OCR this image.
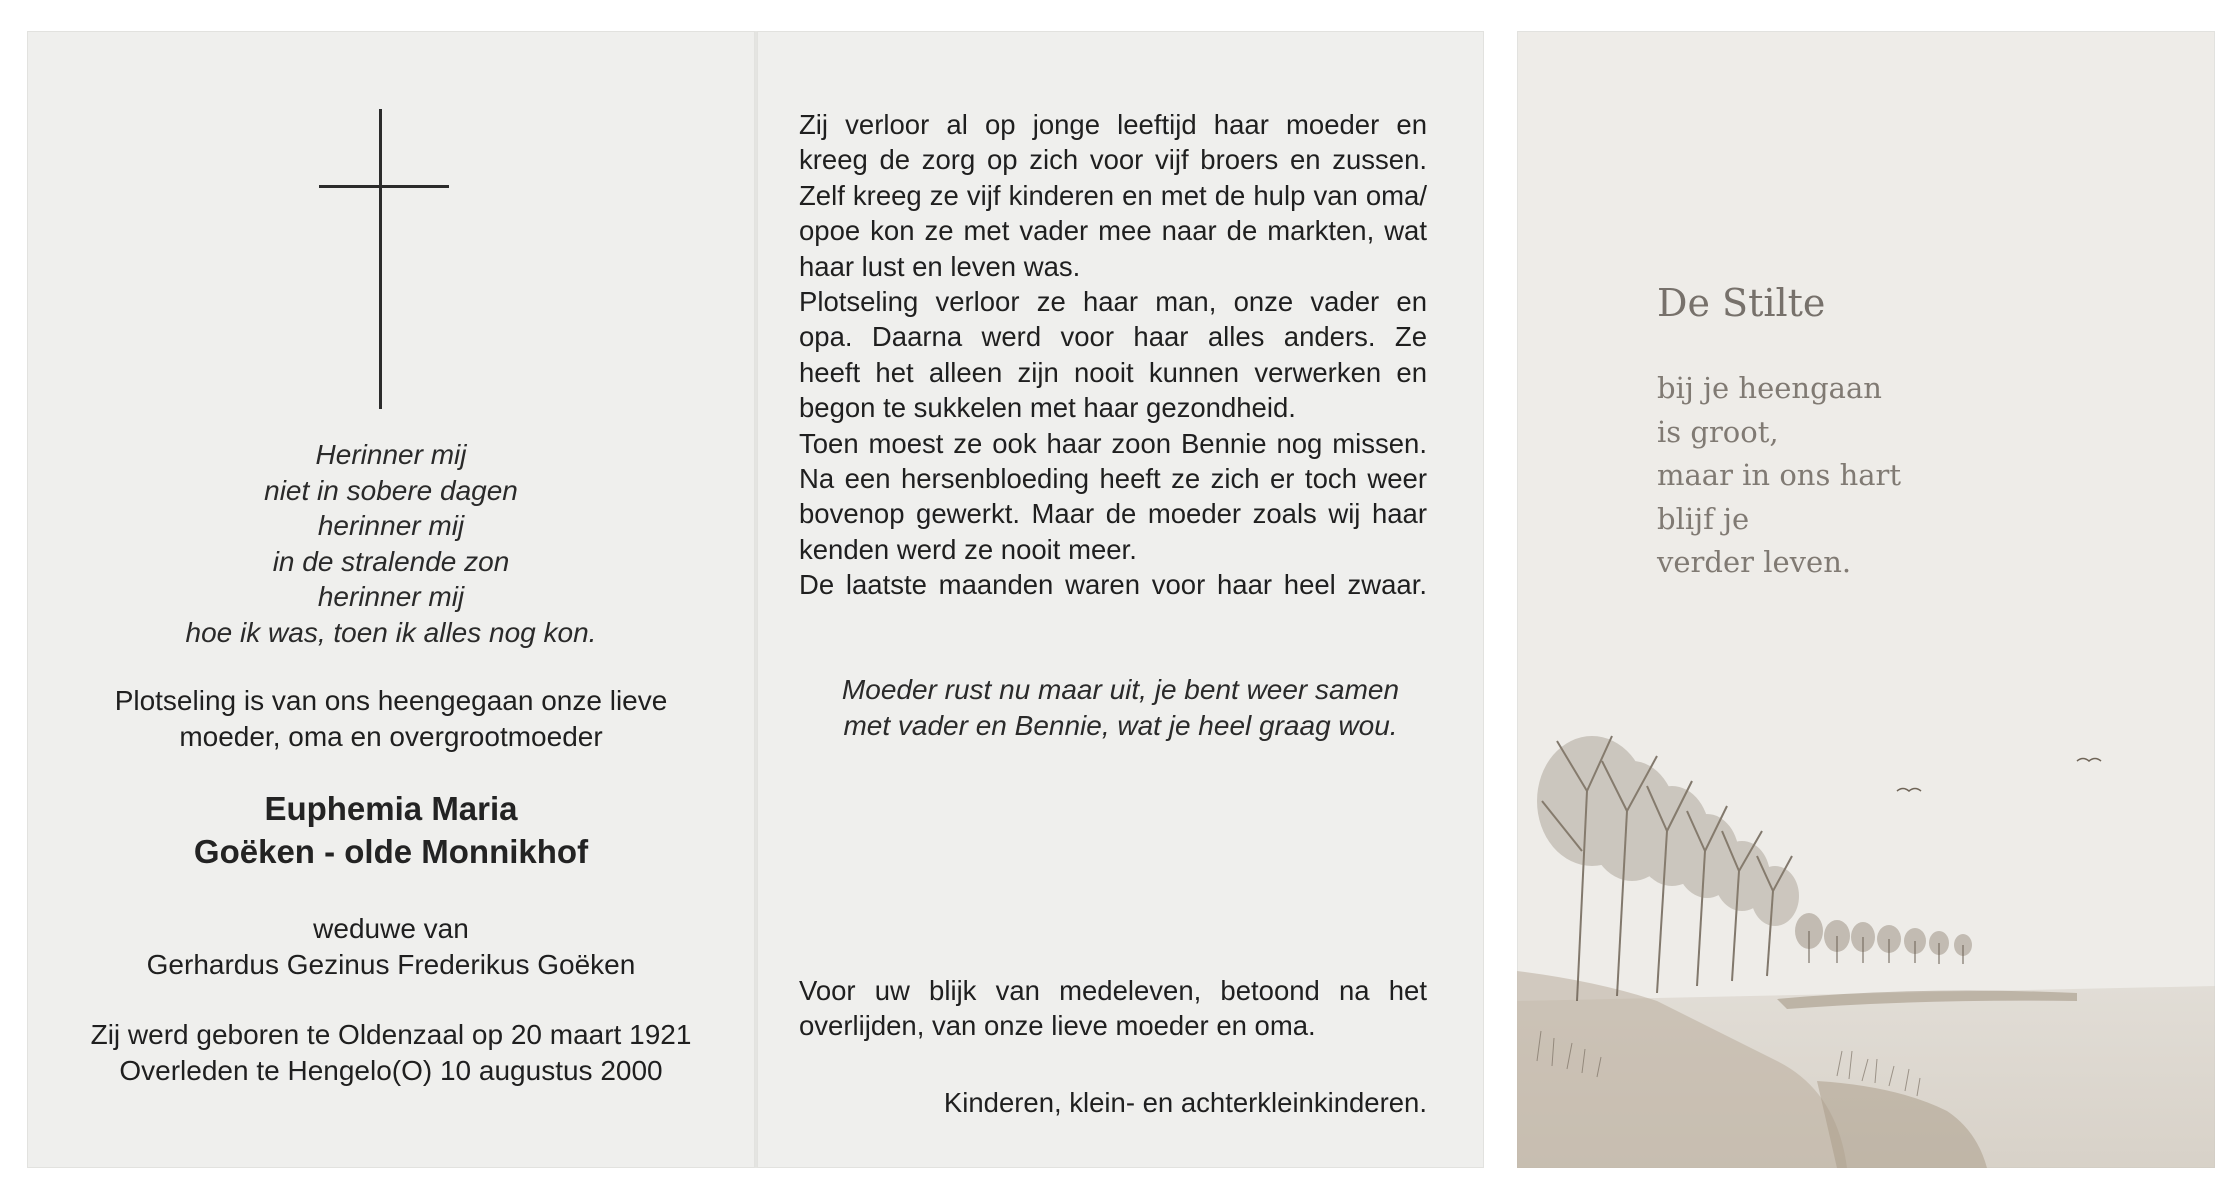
Herinner mij
niet in sobere dagen
herinner mij
in de stralende zon
herinner mij
hoe ik was, toen ik alles nog kon.
Plotseling is van ons heengegaan onze lieve
moeder, oma en overgrootmoeder
Euphemia Maria
Goëken - olde Monnikhof
weduwe van
Gerhardus Gezinus Frederikus Goëken
Zij werd geboren te Oldenzaal op 20 maart 1921
Overleden te Hengelo(O) 10 augustus 2000
Zij verloor al op jonge leeftijd haar moeder en
kreeg de zorg op zich voor vijf broers en zussen.
Zelf kreeg ze vijf kinderen en met de hulp van oma/
opoe kon ze met vader mee naar de markten, wat
haar lust en leven was.
Plotseling verloor ze haar man, onze vader en
opa. Daarna werd voor haar alles anders. Ze
heeft het alleen zijn nooit kunnen verwerken en
begon te sukkelen met haar gezondheid.
Toen moest ze ook haar zoon Bennie nog missen.
Na een hersenbloeding heeft ze zich er toch weer
bovenop gewerkt. Maar de moeder zoals wij haar
kenden werd ze nooit meer.
De laatste maanden waren voor haar heel zwaar.
Moeder rust nu maar uit, je bent weer samen
met vader en Bennie, wat je heel graag wou.
Voor uw blijk van medeleven, betoond na het
overlijden, van onze lieve moeder en oma.
Kinderen, klein- en achterkleinkinderen.
De Stilte
bij je heengaan
is groot,
maar in ons hart
blijf je
verder leven.
